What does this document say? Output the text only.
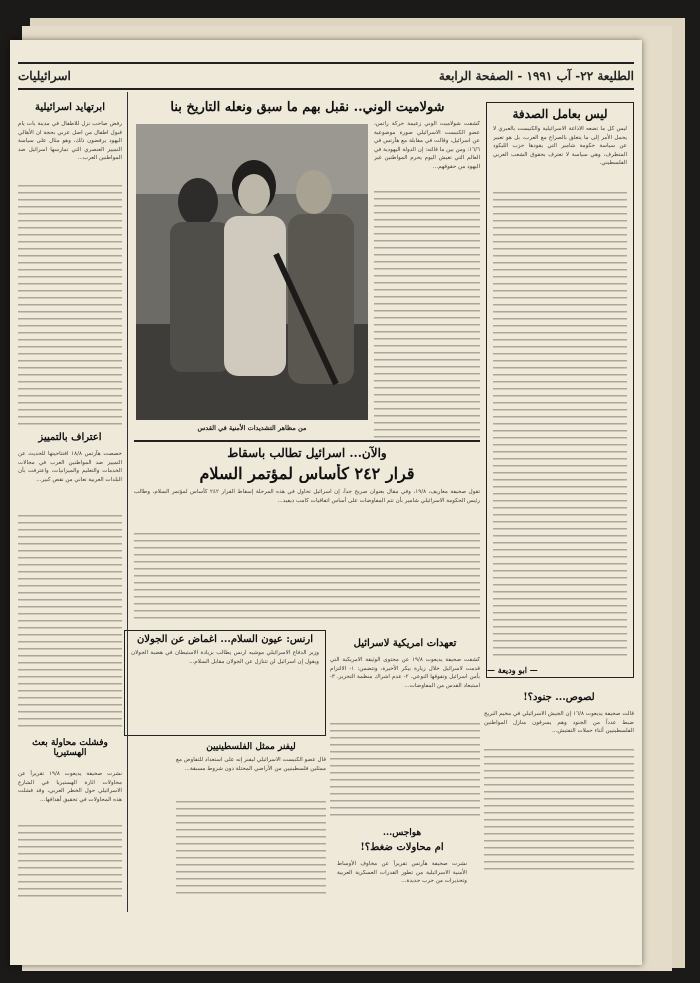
الطليعة ٢٢- آب ١٩٩١ - الصفحة الرابعة
اسرائيليات
ليس بعامل الصدفة
ليس كل ما تضعه الاذاعة الاسرائيلية والكنيست بالعبري لا يحمل الأمر إلى ما يتعلق بالصراع مع العرب، بل هو تعبير عن سياسة حكومة شامير التي يقودها حزب الليكود المتطرف، وهي سياسة لا تعترف بحقوق الشعب العربي الفلسطيني.
— ابو وديعة —
لصوص... جنود؟!
قالت صحيفة يديعوت ١٦/٨ إن الجيش الاسرائيلي في مخيم البريج ضبط عدداً من الجنود وهم يسرقون منازل المواطنين الفلسطينيين أثناء حملات التفتيش...
هواجس...
ام محاولات ضغط؟!
نشرت صحيفة هآرتس تقريراً عن مخاوف الأوساط الأمنية الاسرائيلية من تطور القدرات العسكرية العربية وتحذيرات من حرب جديدة...
شولاميت الوني.. نقبل بهم ما سبق ونعله التاريخ بنا
كشفت شولاميت الوني زعيمة حركة راتس، عضو الكنيست الاسرائيلي صورة موضوعية عن اسرائيل، وقالت في مقابلة مع هآرتس في ١٦/٦: ومن بين ما قالته: إن الدولة اليهودية في العالم التي تعيش اليوم يحرم المواطنين غير اليهود من حقوقهم...
من مظاهر التشديدات الأمنية في القدس
والآن... اسرائيل تطالب باسقاط
قرار ٢٤٢ كأساس لمؤتمر السلام
تقول صحيفة معاريف، ١٩/٨، وفي مقال بعنوان صريح جداً، إن اسرائيل تحاول في هذه المرحلة إسقاط القرار ٢٤٢ كأساس لمؤتمر السلام، وطالب رئيس الحكومة الاسرائيلي شامير بأن تتم المفاوضات على أساس اتفاقيات كامب ديفيد...
ارنس: عيون السلام... اغماض عن الجولان
وزير الدفاع الاسرائيلي موشيه ارنس يطالب بزيادة الاستيطان في هضبة الجولان ويقول إن اسرائيل لن تتنازل عن الجولان مقابل السلام...
تعهدات امريكية لاسرائيل
كشفت صحيفة يديعوت ١٩/٨ عن محتوى الوثيقة الامريكية التي قدمت لاسرائيل خلال زيارة بيكر الأخيرة، وتتضمن: ١- الالتزام بأمن اسرائيل وتفوقها النوعي. ٢- عدم اشراك منظمة التحرير. ٣- استبعاد القدس من المفاوضات...
ليفنر ممثل الفلسطينيين
قال عضو الكنيست الاسرائيلي ليفنر إنه على استعداد للتفاوض مع ممثلين فلسطينيين من الأراضي المحتلة دون شروط مسبقة...
ابرتهايد اسرائيلية
رفض صاحب نزل للاطفال في مدينة بات يام قبول اطفال من اصل عربي بحجة ان الأهالي اليهود يرفضون ذلك، وهو مثال على سياسة التمييز العنصري التي تمارسها اسرائيل ضد المواطنين العرب...
اعتراف بالتمييز
خصصت هآرتس ١٨/٨ افتتاحيتها للحديث عن التمييز ضد المواطنين العرب في مجالات الخدمات والتعليم والميزانيات، واعترفت بأن البلدات العربية تعاني من نقص كبير...
وفشلت محاولة بعث الهستيريا
نشرت صحيفة يديعوت ١٩/٨ تقريراً عن محاولات اثارة الهستيريا في الشارع الاسرائيلي حول الخطر العربي، وقد فشلت هذه المحاولات في تحقيق أهدافها...
